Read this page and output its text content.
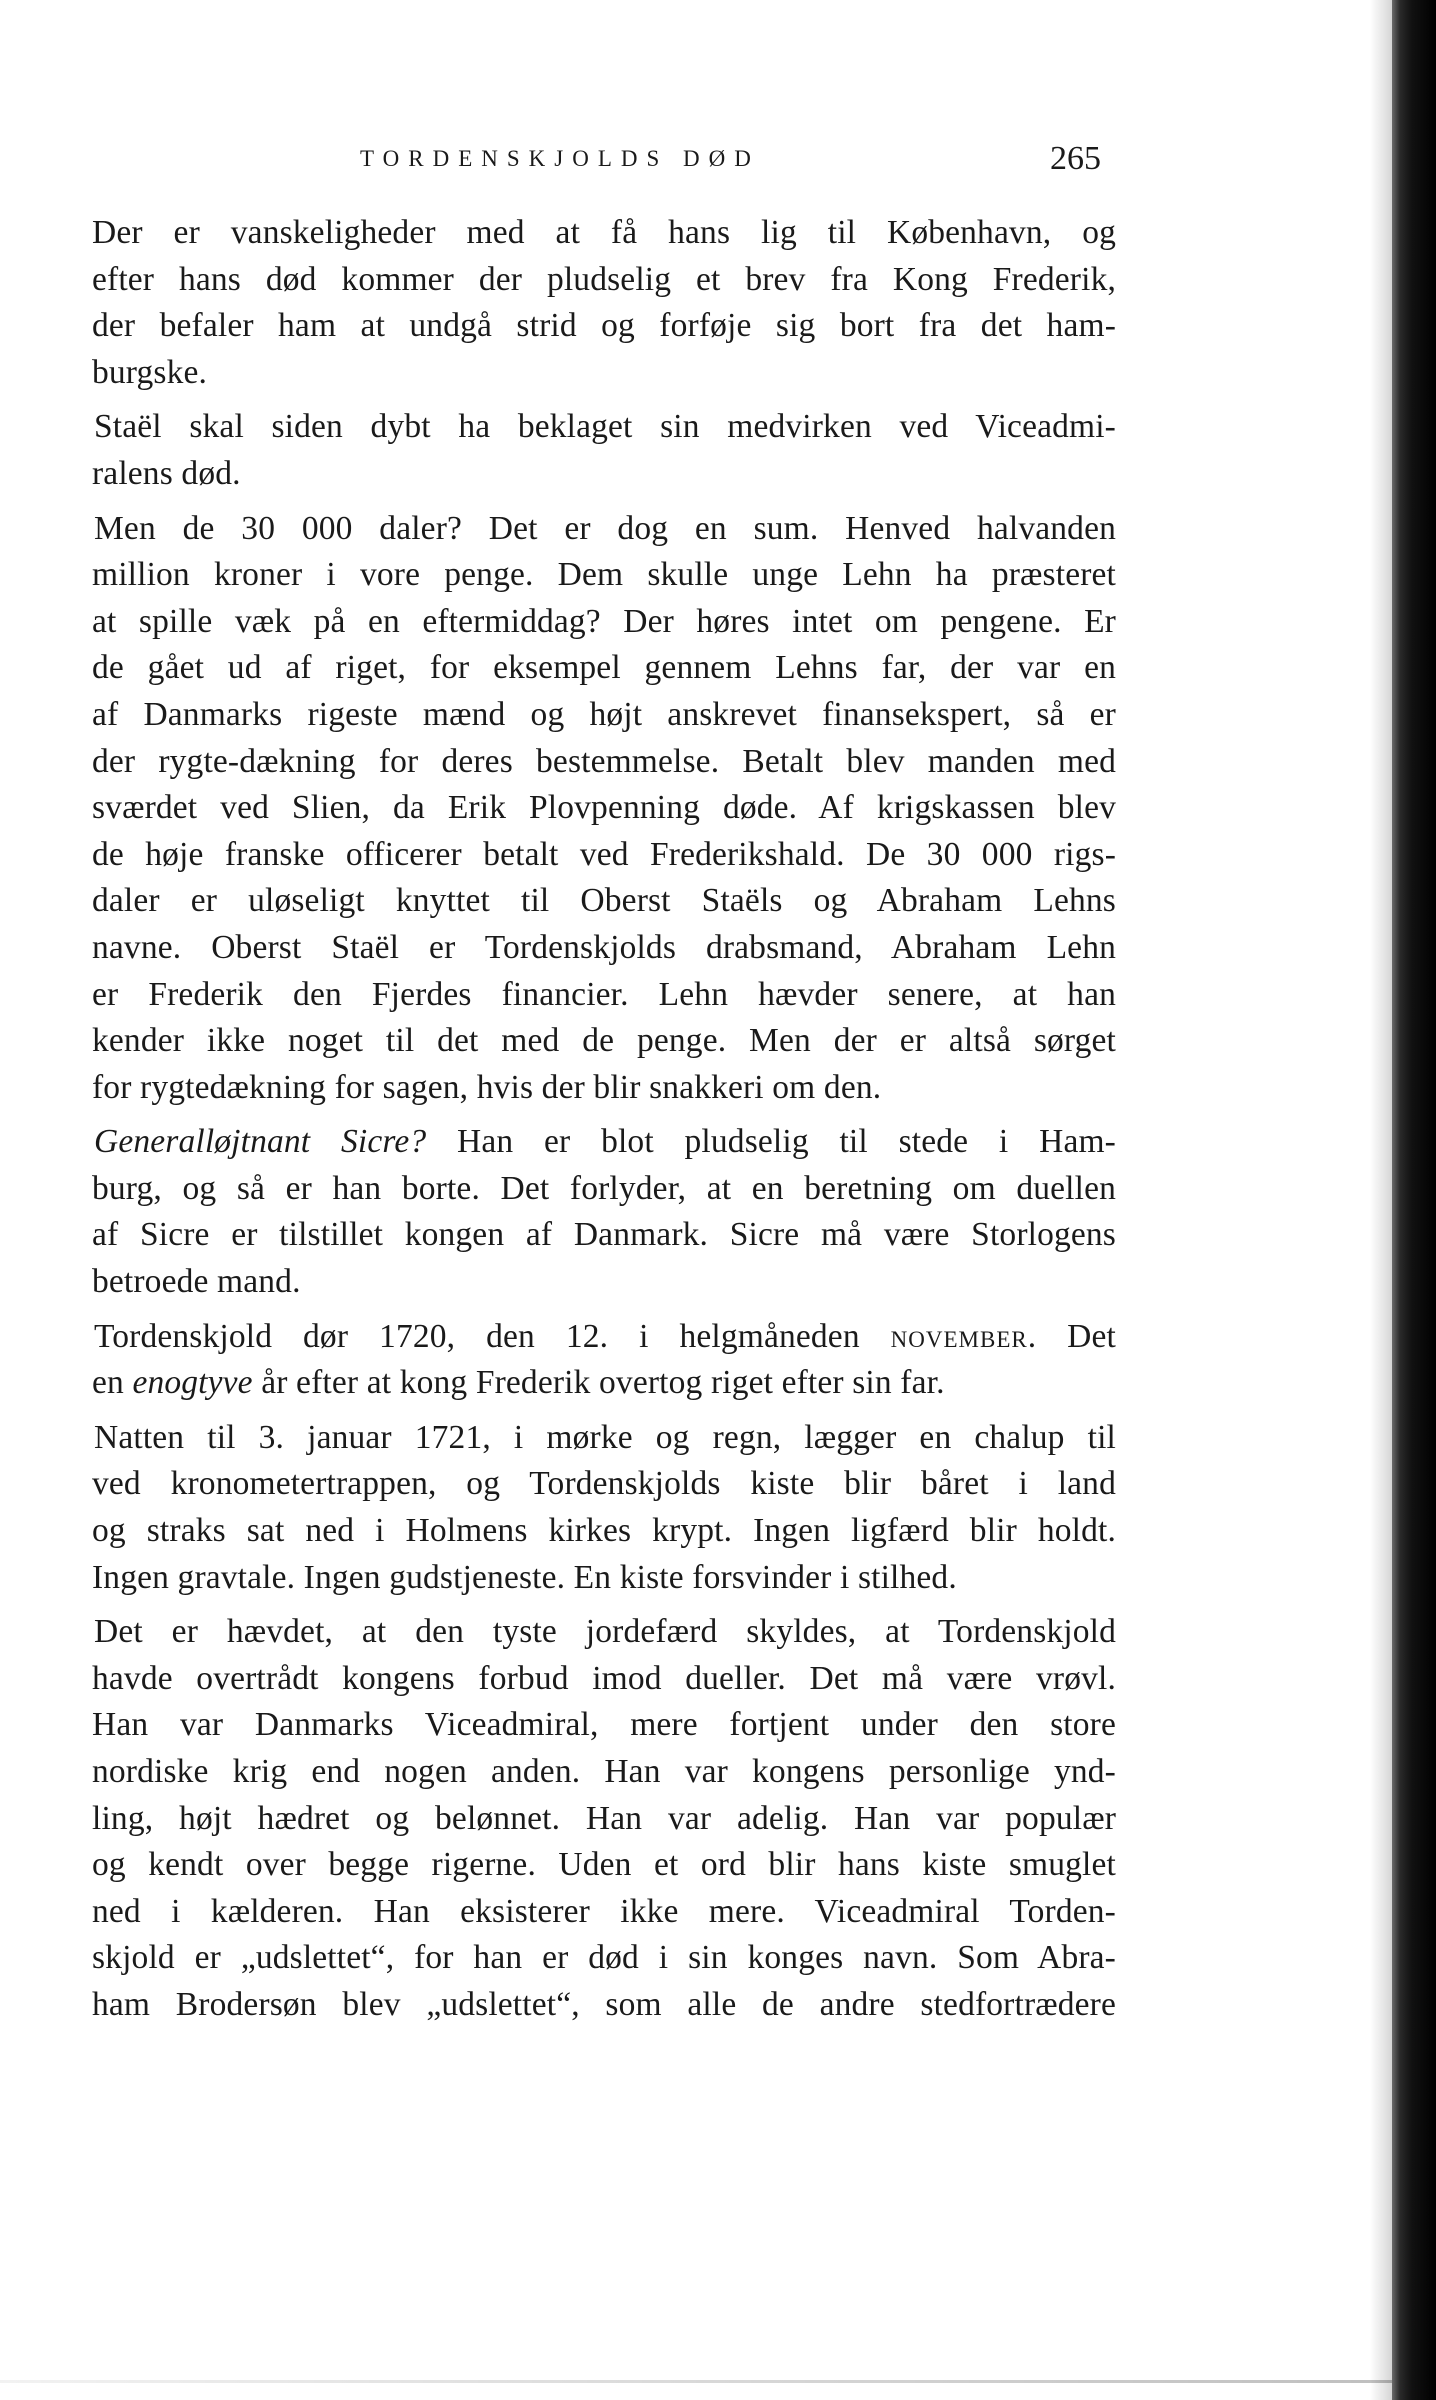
TORDENSKJOLDS DØD	265
Der er vanskeligheder med at få hans lig til København, og
efter hans død kommer der pludselig et brev fra Kong Frederik,
der befaler ham at undgå strid og forføje sig bort fra det ham-
burgske.
Staël skal siden dybt ha beklaget sin medvirken ved Viceadmi-
ralens død.
Men de 30 000 daler? Det er dog en sum. Henved halvanden
million kroner i vore penge. Dem skulle unge Lehn ha præsteret
at spille væk på en eftermiddag? Der høres intet om pengene. Er
de gået ud af riget, for eksempel gennem Lehns far, der var en
af Danmarks rigeste mænd og højt anskrevet finansekspert, så er
der rygte-dækning for deres bestemmelse. Betalt blev manden med
sværdet ved Slien, da Erik Plovpenning døde. Af krigskassen blev
de høje franske officerer betalt ved Frederikshald. De 30 000 rigs-
daler er uløseligt knyttet til Oberst Staëls og Abraham Lehns
navne. Oberst Staël er Tordenskjolds drabsmand, Abraham Lehn
er Frederik den Fjerdes financier. Lehn hævder senere, at han
kender ikke noget til det med de penge. Men der er altså sørget
for rygtedækning for sagen, hvis der blir snakkeri om den.
Generalløjtnant Sicre? Han er blot pludselig til stede i Ham-
burg, og så er han borte. Det forlyder, at en beretning om duellen
af Sicre er tilstillet kongen af Danmark. Sicre må være Storlogens
betroede mand.
Tordenskjold dør 1720, den 12. i helgmåneden november. Det
en enogtyve år efter at kong Frederik overtog riget efter sin far.
Natten til 3. januar 1721, i mørke og regn, lægger en chalup til
ved kronometertrappen, og Tordenskjolds kiste blir båret i land
og straks sat ned i Holmens kirkes krypt. Ingen ligfærd blir holdt.
Ingen gravtale. Ingen gudstjeneste. En kiste forsvinder i stilhed.
Det er hævdet, at den tyste jordefærd skyldes, at Tordenskjold
havde overtrådt kongens forbud imod dueller. Det må være vrøvl.
Han var Danmarks Viceadmiral, mere fortjent under den store
nordiske krig end nogen anden. Han var kongens personlige ynd-
ling, højt hædret og belønnet. Han var adelig. Han var populær
og kendt over begge rigerne. Uden et ord blir hans kiste smuglet
ned i kælderen. Han eksisterer ikke mere. Viceadmiral Torden-
skjold er „udslettet“, for han er død i sin konges navn. Som Abra-
ham Brodersøn blev „udslettet“, som alle de andre stedfortrædere
